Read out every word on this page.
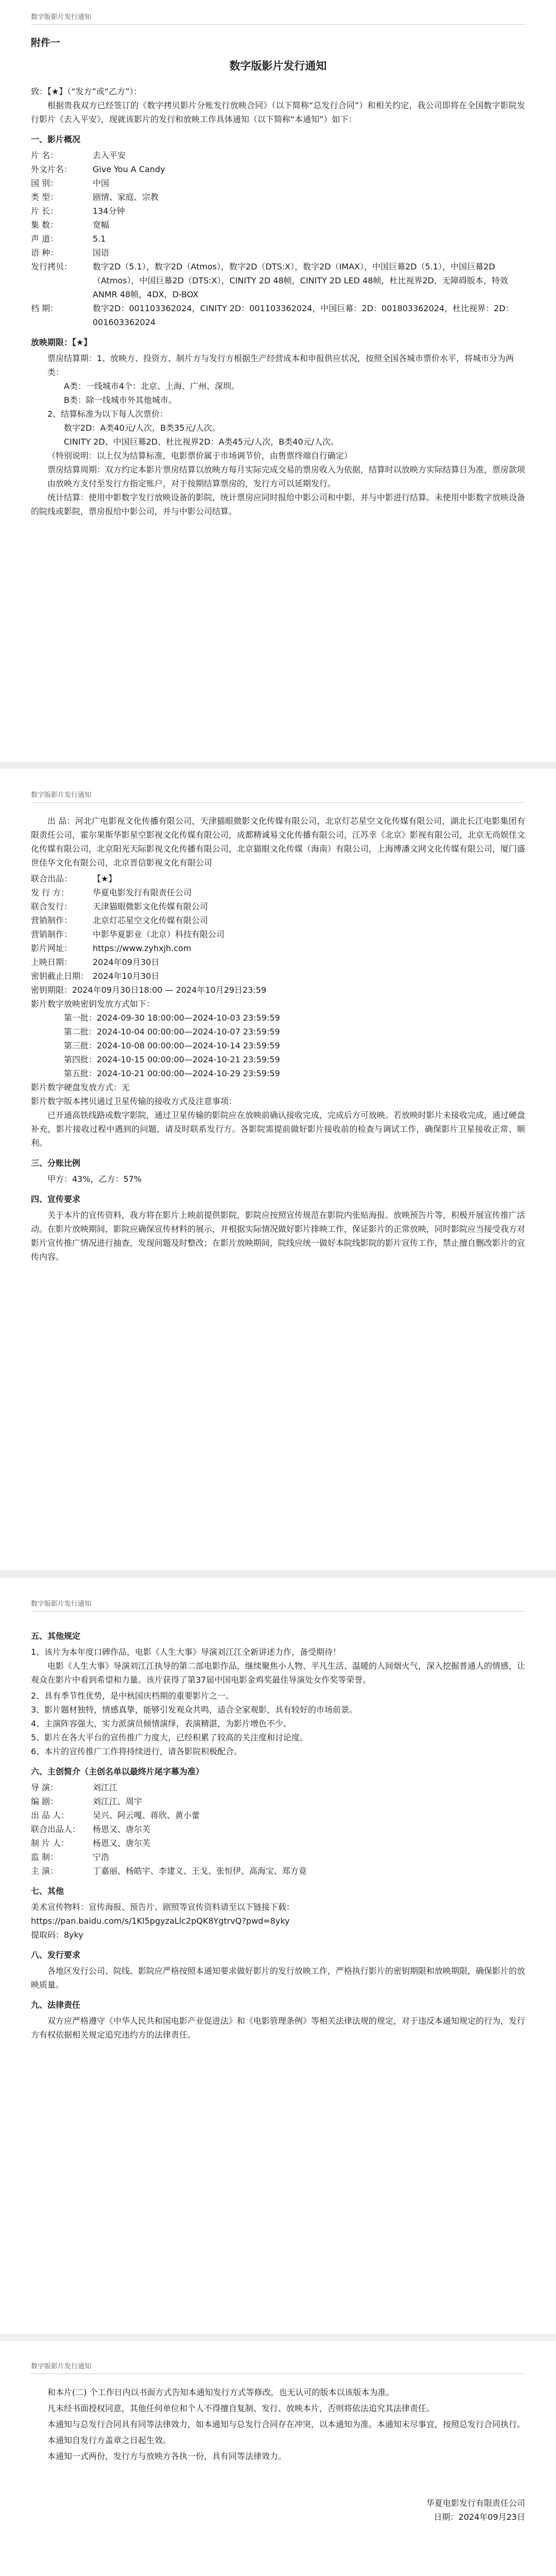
数字版影片发行通知
附件一
数字版影片发行通知
致：【★】（“发方”或“乙方”）：

根据贵我双方已经签订的《数字拷贝影片分账发行放映合同》（以下简称“总发行合同”）和相关约定，我公司即将在全国数字影院发行影片《去入平安》，现就该影片的发行和放映工作具体通知（以下简称“本通知”）如下：

一、影片概况
片 名：	去入平安
外文片名：	Give You A Candy
国 别：	中国
类 型：	剧情、家庭、宗教
片 长：	134分钟
集 数：	宽幅
声 道：	5.1
语 种：	国语
发行拷贝：	数字2D（5.1），数字2D（Atmos），数字2D（DTS:X），数字2D（IMAX），中国巨幕2D（5.1），中国巨幕2D（Atmos），中国巨幕2D（DTS:X），CINITY 2D 48帧，CINITY 2D LED 48帧，杜比视界2D，无障碍版本，特效ANMR 48帧，4DX，D-BOX
档 期：	数字2D：001103362024，CINITY 2D：001103362024，中国巨幕：2D：001803362024，杜比视界：2D：001603362024
放映期限：【★】
票房结算期：1、放映方、投资方、制片方与发行方根据生产经营成本和申报供应状况，按照全国各城市票价水平，将城市分为两类：
A类：一线城市4个：北京、上海、广州、深圳。
B类：除一线城市外其他城市。
2、结算标准为以下每人次票价：
数字2D：A类40元/人次，B类35元/人次。
CINITY 2D、中国巨幕2D、杜比视界2D：A类45元/人次，B类40元/人次。
（特别说明：以上仅为结算标准，电影票价属于市场调节价，由售票终端自行确定）
票房结算周期：双方约定本影片票房结算以放映方每月实际完成交易的票房收入为依据，结算时以放映方实际结算日为准，票房款项由放映方支付至发行方指定账户，对于按期结算票房的，发行方可以延期发行。

统计结算：使用中影数字发行放映设备的影院，统计票房应同时报给中影公司和中影，并与中影进行结算。未使用中影数字放映设备的院线或影院，票房报给中影公司，并与中影公司结算。

数字版影片发行通知

出 品：河北广电影视文化传播有限公司，天津猫眼微影文化传媒有限公司，北京灯芯星空文化传媒有限公司，湖北长江电影集团有限责任公司，霍尔果斯华影星空影视文化传媒有限公司，成都精诚易文化传播有限公司，江苏幸《北京》影视有限公司，北京无尚娱佳文化传媒有限公司，北京阳光天际影视文化传播有限公司，北京猫眼文化传媒（海南）有限公司，上海博潘文网文化传媒有限公司，厦门盛世佳华文化有限公司，北京晋信影视文化有限公司

联合出品：	【★】
发 行 方：	华夏电影发行有限责任公司
联合发行：	天津猫眼微影文化传媒有限公司
营销制作：	北京灯芯星空文化传媒有限公司
营销制作：	中影华夏影业（北京）科技有限公司
影片网址：	https://www.zyhxjh.com
上映日期：	2024年09月30日
密钥截止日期： 2024年10月30日
密钥期限：2024年09月30日18:00 — 2024年10月29日23:59
影片数字放映密钥发放方式如下：
第一批：2024-09-30 18:00:00—2024-10-03 23:59:59
第二批：2024-10-04 00:00:00—2024-10-07 23:59:59
第三批：2024-10-08 00:00:00—2024-10-14 23:59:59
第四批：2024-10-15 00:00:00—2024-10-21 23:59:59
第五批：2024-10-21 00:00:00—2024-10-29 23:59:59
影片数字硬盘发放方式：无
影片数字版本拷贝通过卫星传输的接收方式及注意事项：

已开通高铁线路或数字影院，通过卫星传输的影院应在放映前确认接收完成，完成后方可放映。若放映时影片未接收完成，通过硬盘补充，影片接收过程中遇到的问题，请及时联系发行方。各影院需提前做好影片接收前的检查与调试工作，确保影片卫星接收正常、顺利。

三、分账比例
甲方：43%，乙方：57%
四、宣传要求

关于本片的宣传资料，我方将在影片上映前提供影院，影院应按照宣传规范在影院内张贴海报、放映预告片等，积极开展宣传推广活动。在影片放映期间，影院应确保宣传材料的展示，并根据实际情况做好影片排映工作，保证影片的正常放映，同时影院应当接受我方对影片宣传推广情况进行抽查，发现问题及时整改；在影片放映期间，院线应统一做好本院线影院的影片宣传工作，禁止擅自删改影片的宣传内容。

数字版影片发行通知
五、其他规定
1、该片为本年度口碑作品，电影《人生大事》导演刘江江全新讲述力作，备受期待！

电影《人生大事》导演刘江江执导的第二部电影作品，继续聚焦小人物、平凡生活、温暖的人间烟火气，深入挖掘普通人的情感，让观众在影片中看到希望和力量。该片获得了第37届中国电影金鸡奖最佳导演处女作奖等荣誉。

2、具有季节性优势，是中秋国庆档期的重要影片之一。
3、影片题材独特，情感真挚，能够引发观众共鸣，适合全家观影，具有较好的市场前景。
4、主演阵容强大，实力派演员倾情演绎，表演精湛，为影片增色不少。
5、影片在各大平台的宣传推广力度大，已经积累了较高的关注度和讨论度。
6、本片的宣传推广工作将持续进行，请各影院积极配合。
六、主创简介（主创名单以最终片尾字幕为准）
导 演：	刘江江
编 剧：	刘江江、周宇
出 品 人：	吴兴、阿云嘎、蒋欣、黄小蕾
联合出品人：	杨恩又、唐尔芙
制 片 人：	杨恩又、唐尔芙
监 制：	宁浩
主 演：	丁嘉丽、杨皓宇、李建义、王戈、张恒伊、高海宝、郑方竟
七、其他
美术宣传物料：宣传海报、预告片、剧照等宣传资料请至以下链接下载：
https://pan.baidu.com/s/1Kl5pgyzaLlc2pQK8YgtrvQ?pwd=8yky
提取码：8yky
八、发行要求

各地区发行公司、院线、影院应严格按照本通知要求做好影片的发行放映工作，严格执行影片的密钥期限和放映期限，确保影片的放映质量。

九、法律责任

双方应严格遵守《中华人民共和国电影产业促进法》和《电影管理条例》等相关法律法规的规定，对于违反本通知规定的行为，发行方有权依据相关规定追究违约方的法律责任。

数字版影片发行通知

和本片(二) 个工作日内以书面方式告知本通知发行方式等修改，也无认可的版本以该版本为准。

凡未经书面授权同意，其他任何单位和个人不得擅自复制、发行、放映本片，否则将依法追究其法律责任。

本通知与总发行合同具有同等法律效力，如本通知与总发行合同存在冲突，以本通知为准。本通知未尽事宜，按照总发行合同执行。

本通知自发行方盖章之日起生效。

本通知一式两份，发行方与放映方各执一份，具有同等法律效力。

华夏电影发行有限责任公司
日期：2024年09月23日
